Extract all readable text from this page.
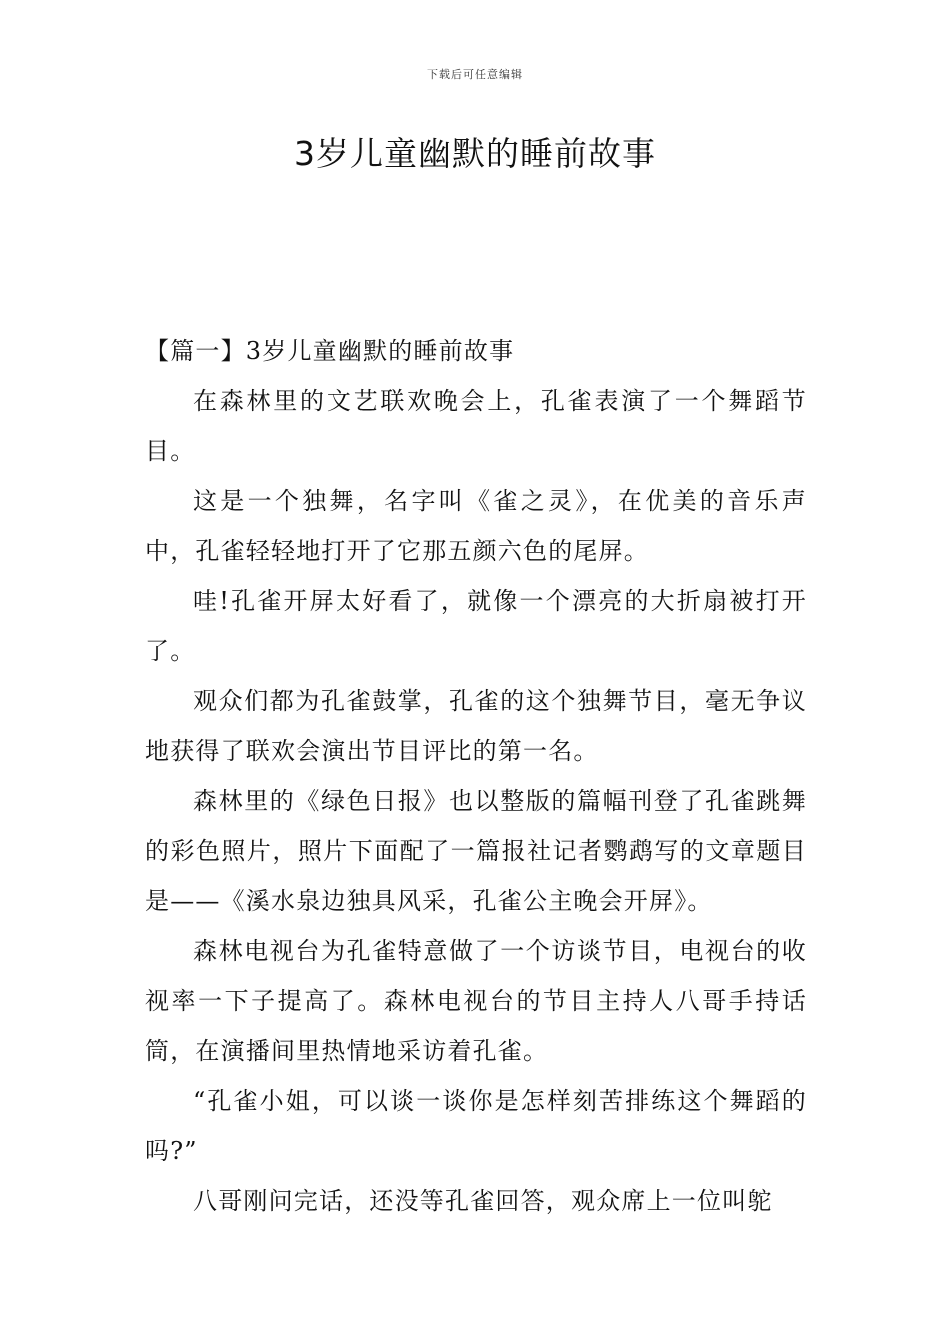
下载后可任意编辑
3岁儿童幽默的睡前故事

【篇一】3岁儿童幽默的睡前故事

在森林里的文艺联欢晚会上，孔雀表演了一个舞蹈节目。

这是一个独舞，名字叫《雀之灵》，在优美的音乐声中，孔雀轻轻地打开了它那五颜六色的尾屏。

哇!孔雀开屏太好看了，就像一个漂亮的大折扇被打开了。

观众们都为孔雀鼓掌，孔雀的这个独舞节目，毫无争议地获得了联欢会演出节目评比的第一名。

森林里的《绿色日报》也以整版的篇幅刊登了孔雀跳舞的彩色照片，照片下面配了一篇报社记者鹦鹉写的文章题目是——《溪水泉边独具风采，孔雀公主晚会开屏》。

森林电视台为孔雀特意做了一个访谈节目，电视台的收视率一下子提高了。森林电视台的节目主持人八哥手持话筒，在演播间里热情地采访着孔雀。

“孔雀小姐，可以谈一谈你是怎样刻苦排练这个舞蹈的吗?”

八哥刚问完话，还没等孔雀回答，观众席上一位叫鸵
